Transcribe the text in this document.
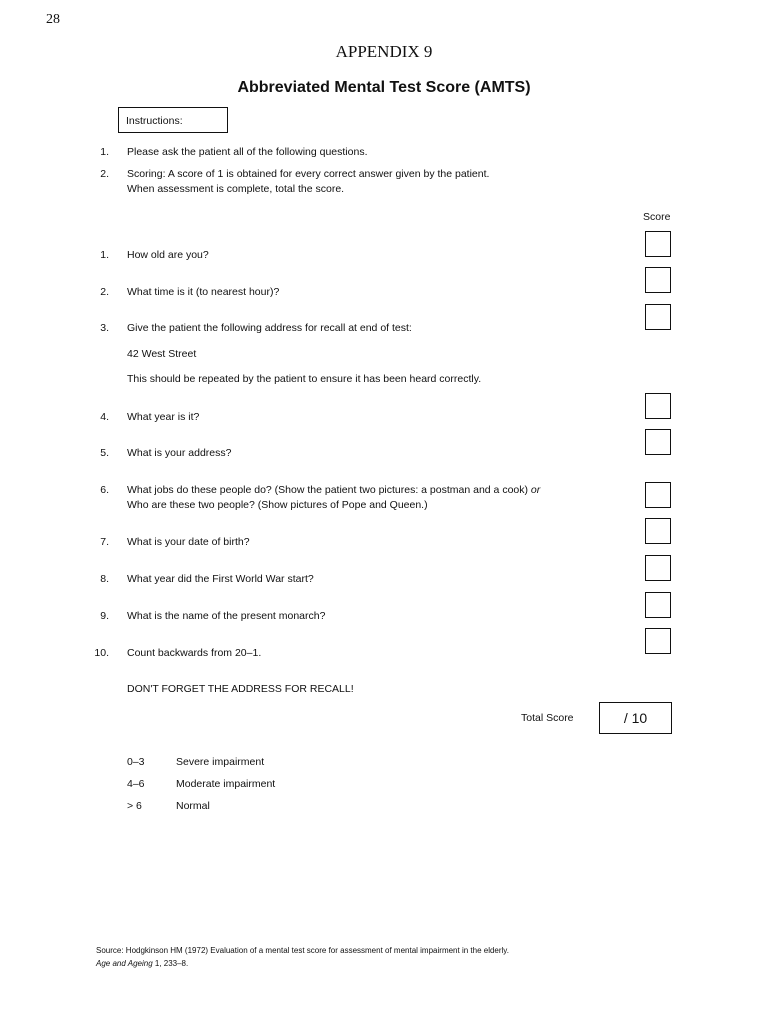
28
APPENDIX 9
Abbreviated Mental Test Score (AMTS)
Instructions:
1. Please ask the patient all of the following questions.
2. Scoring: A score of 1 is obtained for every correct answer given by the patient.
When assessment is complete, total the score.
Score
1. How old are you?
2. What time is it (to nearest hour)?
3. Give the patient the following address for recall at end of test:
42 West Street
This should be repeated by the patient to ensure it has been heard correctly.
4. What year is it?
5. What is your address?
6. What jobs do these people do? (Show the patient two pictures: a postman and a cook) or
Who are these two people? (Show pictures of Pope and Queen.)
7. What is your date of birth?
8. What year did the First World War start?
9. What is the name of the present monarch?
10. Count backwards from 20–1.
DON'T FORGET THE ADDRESS FOR RECALL!
Total Score	/ 10
0–3	Severe impairment
4–6	Moderate impairment
> 6	Normal
Source: Hodgkinson HM (1972) Evaluation of a mental test score for assessment of mental impairment in the elderly.
Age and Ageing 1, 233–8.
